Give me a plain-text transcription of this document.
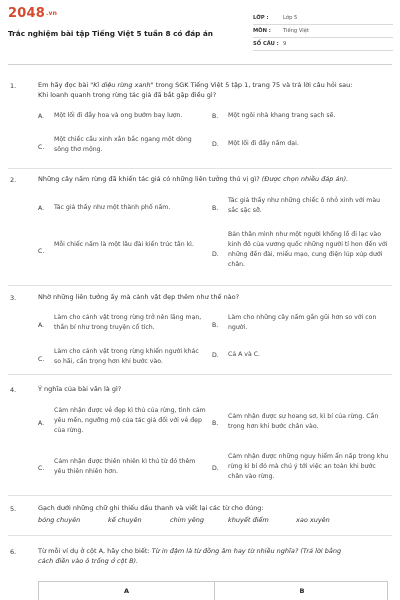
2048.vn
Trắc nghiệm bài tập Tiếng Việt 5 tuần 8 có đáp án
LỚP :	Lớp 5
MÔN : Tiếng Việt
SỐ CÂU : 9
1.	Em hãy đọc bài "Kì diệu rừng xanh" trong SGK Tiếng Việt 5 tập 1, trang 75 và trả lời câu hỏi sau:
Khi loanh quanh trong rừng tác giả đã bắt gặp điều gì?
A. Một lối đi đầy hoa và ong bướm bay lượn.	B. Một ngôi nhà khang trang sạch sẽ.
C.
Một chiếc cầu xinh xắn bắc ngang một dòng sông thơ mộng.
D. Một lối đi đầy nấm dại.
2.	Những cây nấm rừng đã khiến tác giả có những liên tưởng thú vị gì? (Được chọn nhiều đáp án).
A. Tác giả thấy như một thành phố nấm.	B.
Tác giả thấy như những chiếc ô nhỏ xinh với màu sắc sặc sỡ.
C.
Mỗi chiếc nấm là một lâu đài kiến trúc tân kì.
D.
Bản thân mình như một người khổng lồ đi lạc vào kinh đô của vương quốc những người tí hon đến với những đền đài, miếu mạo, cung điện lúp xúp dưới chân.
3.	Nhờ những liên tưởng ấy mà cảnh vật đẹp thêm như thế nào?
A.
Làm cho cảnh vật trong rừng trở nên lãng mạn, thần bí như trong truyện cổ tích.	B.
Làm cho những cây nấm gần gũi hơn so với con người.
C.
Làm cho cảnh vật trong rừng khiến người khác so hãi, cần trọng hơn khi bước vào.
D. Cả A và C.
4.	Ý nghĩa của bài văn là gì?
A.
Cảm nhận được vẻ đẹp kì thú của rừng, tình cảm yêu mến, ngưỡng mộ của tác giả đối với vẻ đẹp của rừng.
B.
Cảm nhận được sự hoang sơ, kì bí của rừng. Cần trọng hơn khi bước chân vào.
C.
Cảm nhận được thiên nhiên kì thú từ đó thêm yêu thiên nhiên hơn.	D.
Cảm nhận được những nguy hiểm ẩn nấp trong khu rừng kì bí đó mà chú ý tới việc an toàn khi bước chân vào rừng.
5.	Gạch dưới những chữ ghi thiếu dấu thanh và viết lại các từ cho đúng:
bóng chuyên	kế chuyên	chim yêng	khuyết điểm	xao xuyên
6.	Từ mỗi ví dụ ở cột A, hãy cho biết: Từ in đậm là từ đồng âm hay từ nhiều nghĩa? (Trả lời bằng
cách điền vào ô trống ở cột B).
A	B
